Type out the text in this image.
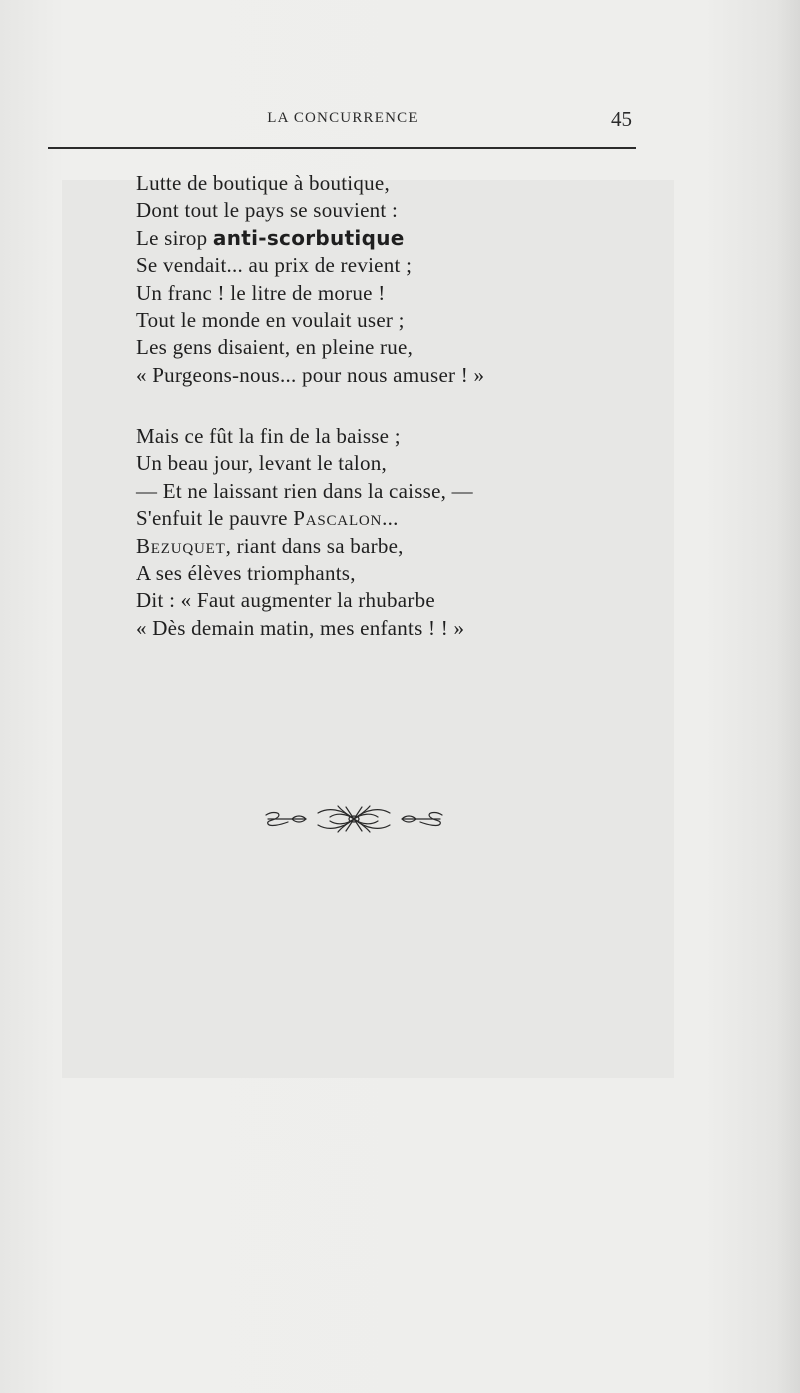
LA CONCURRENCE	45
Lutte de boutique à boutique,
Dont tout le pays se souvient :
Le sirop anti-scorbutique
Se vendait... au prix de revient ;
Un franc ! le litre de morue !
Tout le monde en voulait user ;
Les gens disaient, en pleine rue,
« Purgeons-nous... pour nous amuser ! »
Mais ce fût la fin de la baisse ;
Un beau jour, levant le talon,
— Et ne laissant rien dans la caisse, —
S'enfuit le pauvre Pascalon...
Bezuquet, riant dans sa barbe,
A ses élèves triomphants,
Dit : « Faut augmenter la rhubarbe
« Dès demain matin, mes enfants ! ! »
